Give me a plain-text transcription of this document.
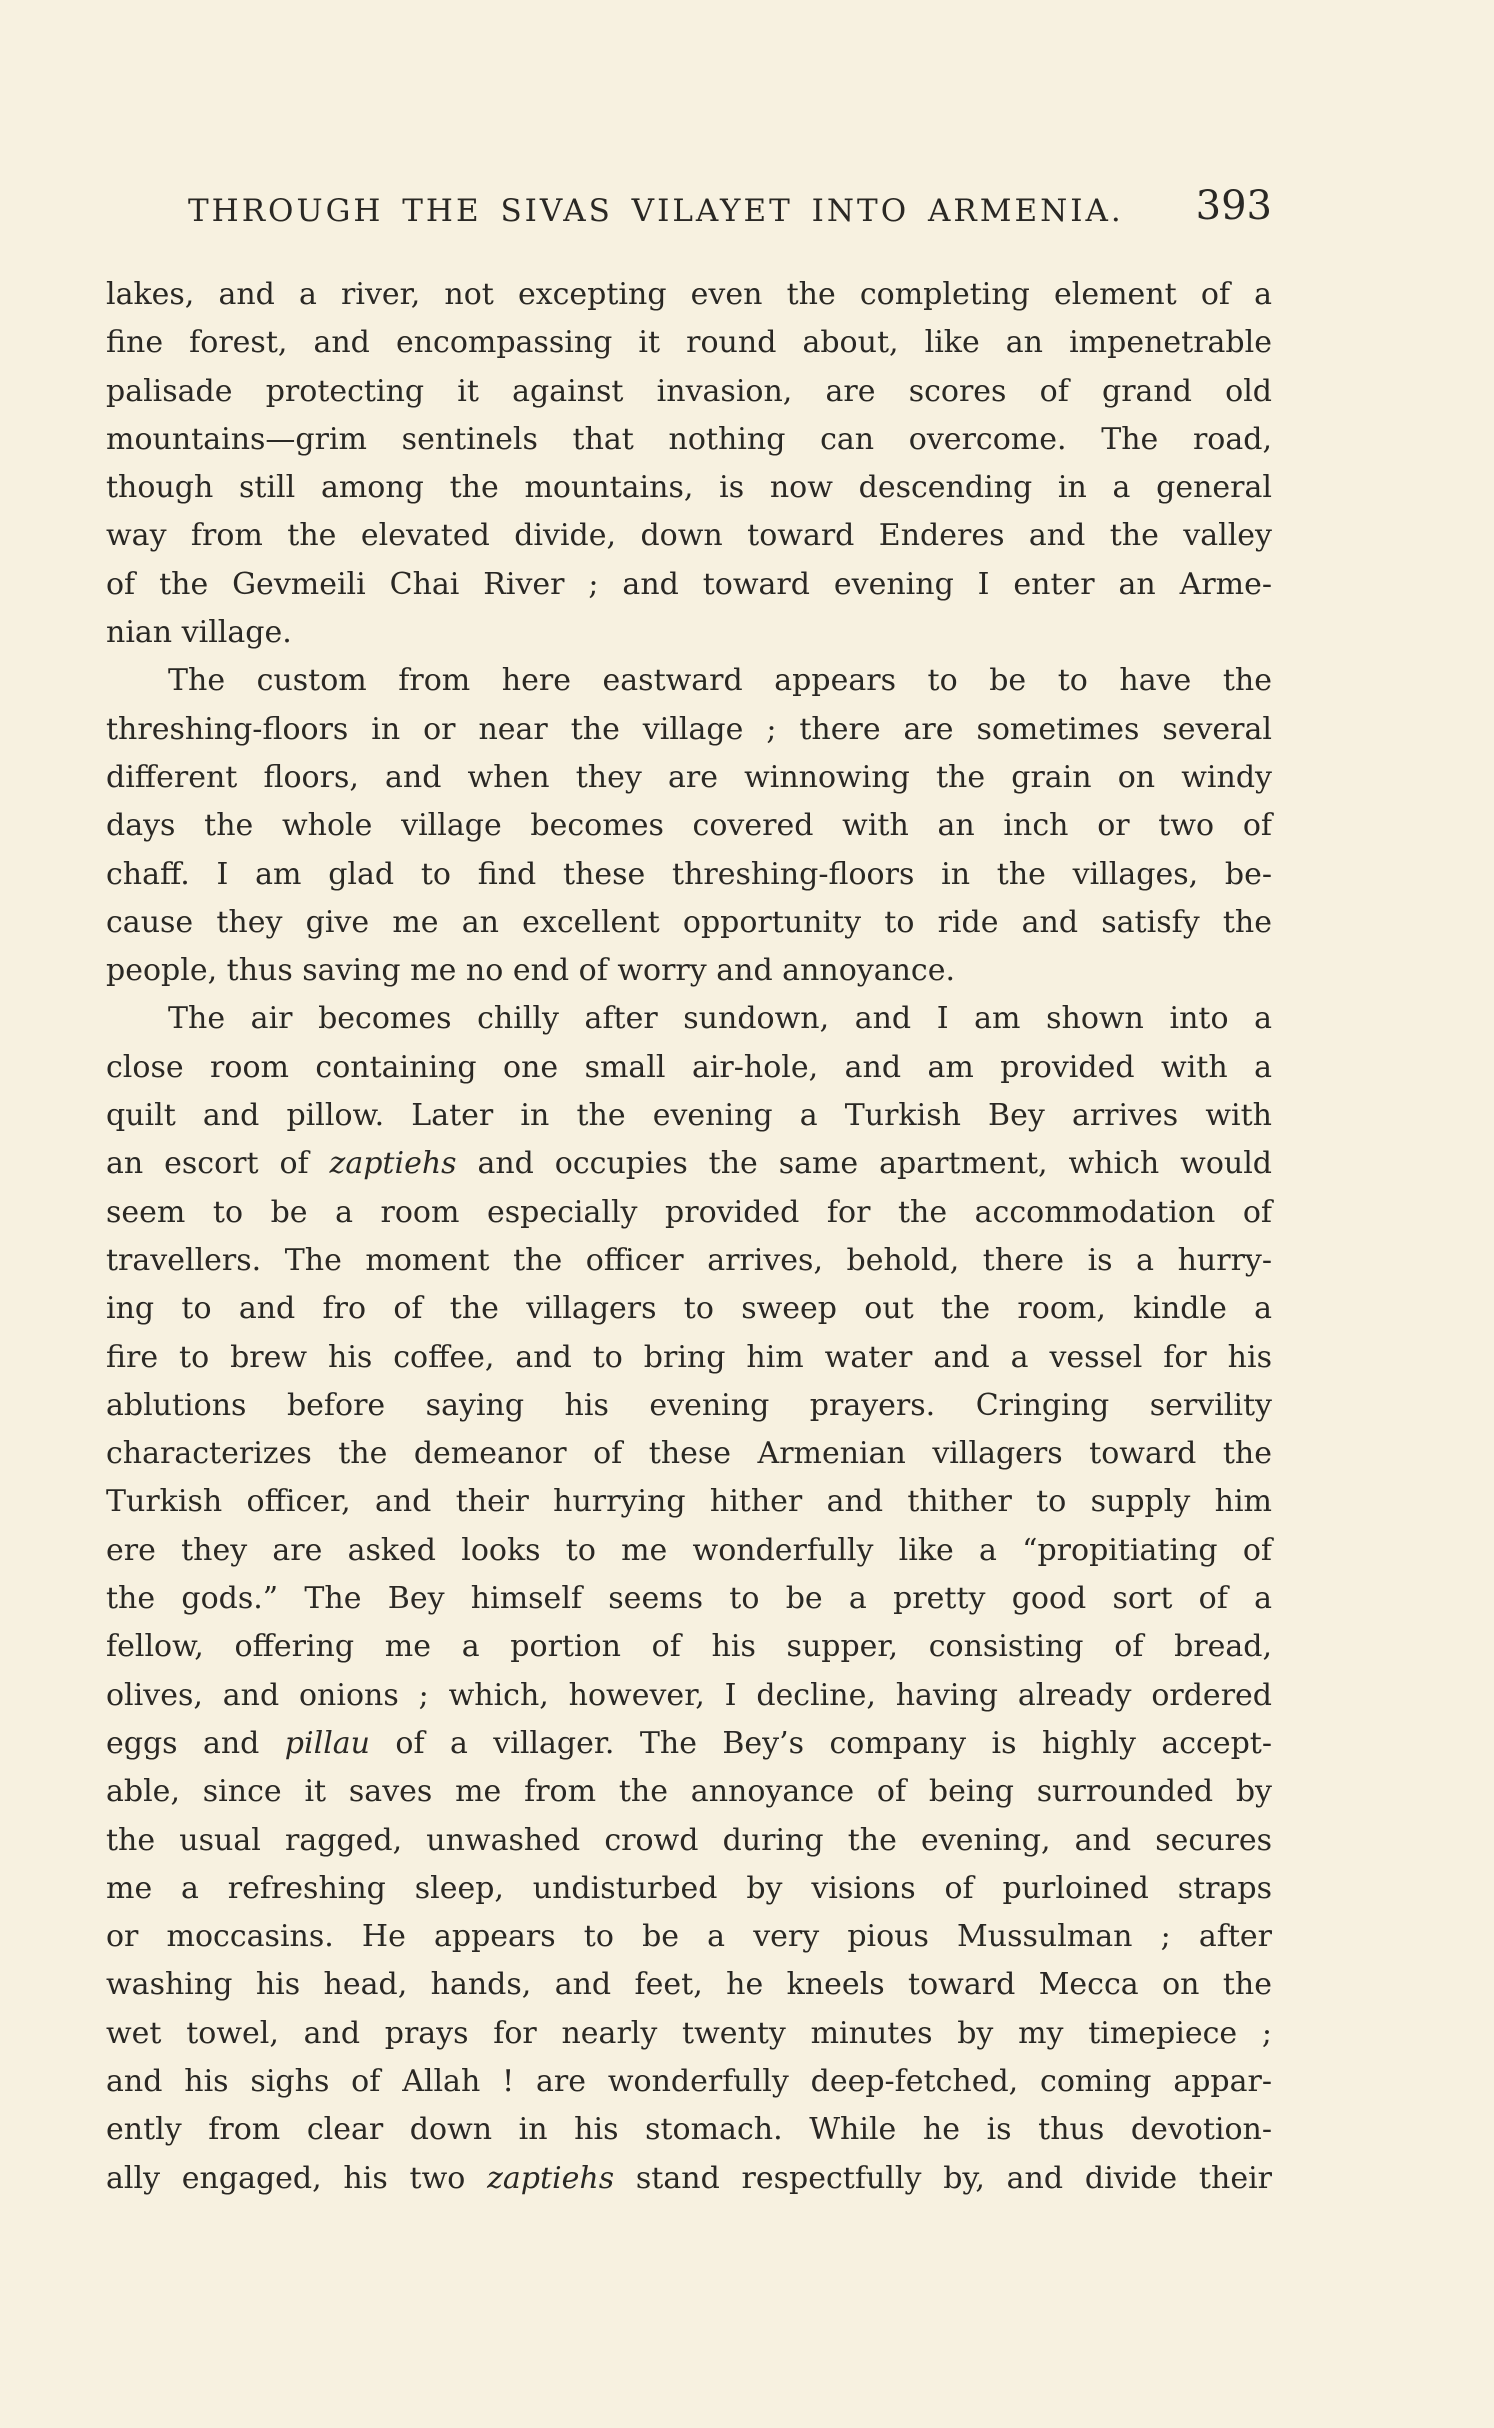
THROUGH THE SIVAS VILAYET INTO ARMENIA. 393
lakes, and a river, not excepting even the completing element of a
fine forest, and encompassing it round about, like an impenetrable
palisade protecting it against invasion, are scores of grand old
mountains—grim sentinels that nothing can overcome. The road,
though still among the mountains, is now descending in a general
way from the elevated divide, down toward Enderes and the valley
of the Gevmeili Chai River ; and toward evening I enter an Arme-
nian village.
The custom from here eastward appears to be to have the
threshing-floors in or near the village ; there are sometimes several
different floors, and when they are winnowing the grain on windy
days the whole village becomes covered with an inch or two of
chaff. I am glad to find these threshing-floors in the villages, be-
cause they give me an excellent opportunity to ride and satisfy the
people, thus saving me no end of worry and annoyance.
The air becomes chilly after sundown, and I am shown into a
close room containing one small air-hole, and am provided with a
quilt and pillow. Later in the evening a Turkish Bey arrives with
an escort of zaptiehs and occupies the same apartment, which would
seem to be a room especially provided for the accommodation of
travellers. The moment the officer arrives, behold, there is a hurry-
ing to and fro of the villagers to sweep out the room, kindle a
fire to brew his coffee, and to bring him water and a vessel for his
ablutions before saying his evening prayers. Cringing servility
characterizes the demeanor of these Armenian villagers toward the
Turkish officer, and their hurrying hither and thither to supply him
ere they are asked looks to me wonderfully like a “propitiating of
the gods.” The Bey himself seems to be a pretty good sort of a
fellow, offering me a portion of his supper, consisting of bread,
olives, and onions ; which, however, I decline, having already ordered
eggs and pillau of a villager. The Bey’s company is highly accept-
able, since it saves me from the annoyance of being surrounded by
the usual ragged, unwashed crowd during the evening, and secures
me a refreshing sleep, undisturbed by visions of purloined straps
or moccasins. He appears to be a very pious Mussulman ; after
washing his head, hands, and feet, he kneels toward Mecca on the
wet towel, and prays for nearly twenty minutes by my timepiece ;
and his sighs of Allah ! are wonderfully deep-fetched, coming appar-
ently from clear down in his stomach. While he is thus devotion-
ally engaged, his two zaptiehs stand respectfully by, and divide their
